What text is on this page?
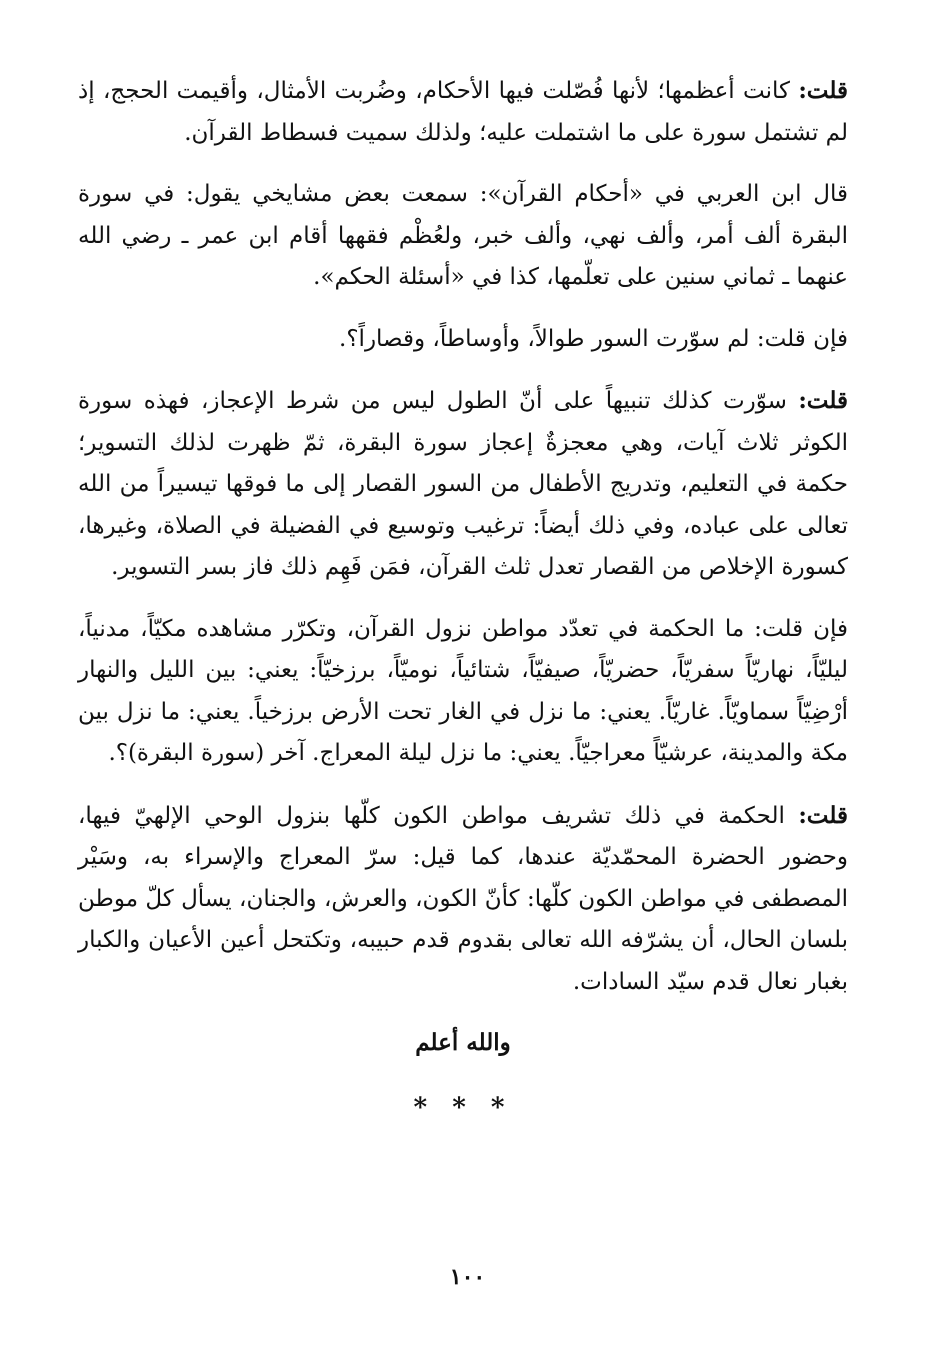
قلت: كانت أعظمها؛ لأنها فُصّلت فيها الأحكام، وضُربت الأمثال، وأقيمت الحجج، إذ لم تشتمل سورة على ما اشتملت عليه؛ ولذلك سميت فسطاط القرآن.

قال ابن العربي في «أحكام القرآن»: سمعت بعض مشايخي يقول: في سورة البقرة ألف أمر، وألف نهي، وألف خبر، ولعُظْم فقهها أقام ابن عمر ـ رضي الله عنهما ـ ثماني سنين على تعلّمها، كذا في «أسئلة الحكم».

فإن قلت: لم سوّرت السور طوالاً، وأوساطاً، وقصاراً؟.

قلت: سوّرت كذلك تنبيهاً على أنّ الطول ليس من شرط الإعجاز، فهذه سورة الكوثر ثلاث آيات، وهي معجزةٌ إعجاز سورة البقرة، ثمّ ظهرت لذلك التسوير؛ حكمة في التعليم، وتدريج الأطفال من السور القصار إلى ما فوقها تيسيراً من الله تعالى على عباده، وفي ذلك أيضاً: ترغيب وتوسيع في الفضيلة في الصلاة، وغيرها، كسورة الإخلاص من القصار تعدل ثلث القرآن، فمَن فَهِم ذلك فاز بسر التسوير.

فإن قلت: ما الحكمة في تعدّد مواطن نزول القرآن، وتكرّر مشاهده مكيّاً، مدنياً، ليليّاً، نهاريّاً سفريّاً، حضريّاً، صيفيّاً، شتائياً، نوميّاً، برزخيّاً: يعني: بين الليل والنهار أرْضِيّاً سماويّاً. غاريّاً. يعني: ما نزل في الغار تحت الأرض برزخياً. يعني: ما نزل بين مكة والمدينة، عرشيّاً معراجيّاً. يعني: ما نزل ليلة المعراج. آخر (سورة البقرة)؟.

قلت: الحكمة في ذلك تشريف مواطن الكون كلّها بنزول الوحي الإلهيّ فيها، وحضور الحضرة المحمّديّة عندها، كما قيل: سرّ المعراج والإسراء به، وسَيْر المصطفى في مواطن الكون كلّها: كأنّ الكون، والعرش، والجنان، يسأل كلّ موطن بلسان الحال، أن يشرّفه الله تعالى بقدوم قدم حبيبه، وتكتحل أعين الأعيان والكبار بغبار نعال قدم سيّد السادات.

والله أعلم
* * *
١٠٠
